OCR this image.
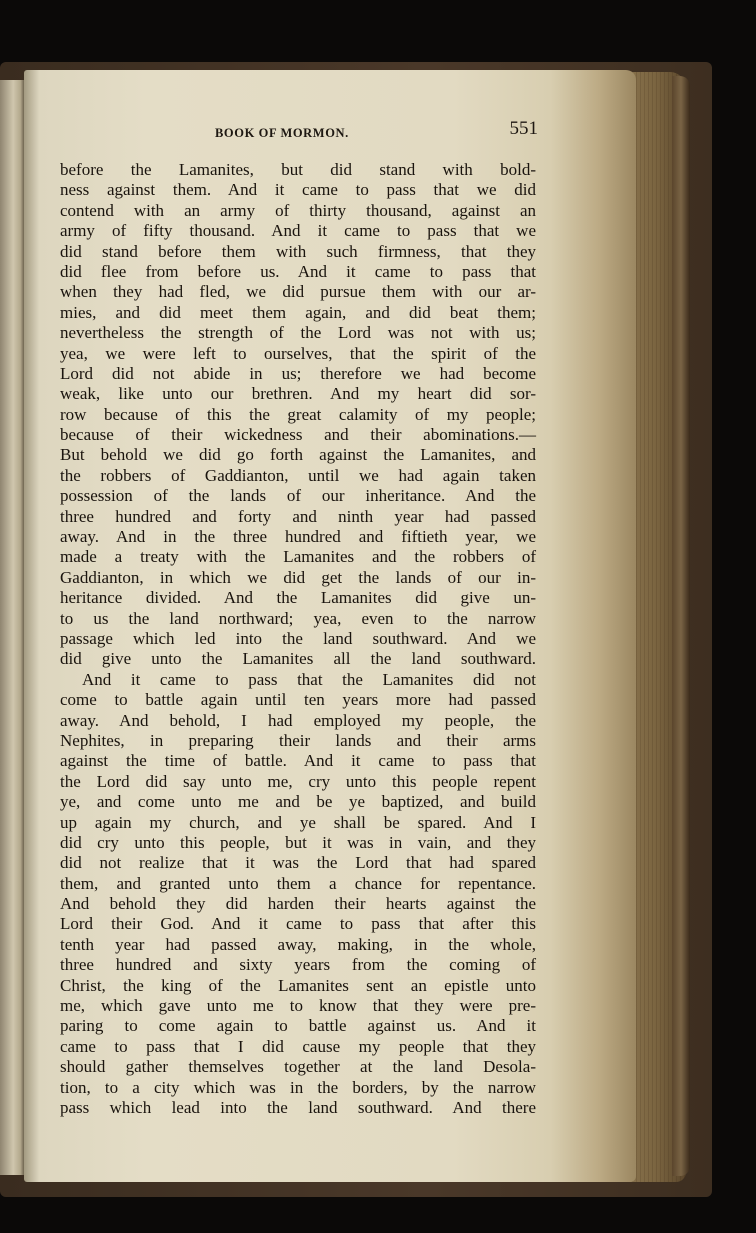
BOOK OF MORMON.	551
before the Lamanites, but did stand with bold-
ness against them. And it came to pass that we did
contend with an army of thirty thousand, against an
army of fifty thousand. And it came to pass that we
did stand before them with such firmness, that they
did flee from before us. And it came to pass that
when they had fled, we did pursue them with our ar-
mies, and did meet them again, and did beat them;
nevertheless the strength of the Lord was not with us;
yea, we were left to ourselves, that the spirit of the
Lord did not abide in us; therefore we had become
weak, like unto our brethren. And my heart did sor-
row because of this the great calamity of my people;
because of their wickedness and their abominations.—
But behold we did go forth against the Lamanites, and
the robbers of Gaddianton, until we had again taken
possession of the lands of our inheritance. And the
three hundred and forty and ninth year had passed
away. And in the three hundred and fiftieth year, we
made a treaty with the Lamanites and the robbers of
Gaddianton, in which we did get the lands of our in-
heritance divided. And the Lamanites did give un-
to us the land northward; yea, even to the narrow
passage which led into the land southward. And we
did give unto the Lamanites all the land southward.
And it came to pass that the Lamanites did not
come to battle again until ten years more had passed
away. And behold, I had employed my people, the
Nephites, in preparing their lands and their arms
against the time of battle. And it came to pass that
the Lord did say unto me, cry unto this people repent
ye, and come unto me and be ye baptized, and build
up again my church, and ye shall be spared. And I
did cry unto this people, but it was in vain, and they
did not realize that it was the Lord that had spared
them, and granted unto them a chance for repentance.
And behold they did harden their hearts against the
Lord their God. And it came to pass that after this
tenth year had passed away, making, in the whole,
three hundred and sixty years from the coming of
Christ, the king of the Lamanites sent an epistle unto
me, which gave unto me to know that they were pre-
paring to come again to battle against us. And it
came to pass that I did cause my people that they
should gather themselves together at the land Desola-
tion, to a city which was in the borders, by the narrow
pass which lead into the land southward. And there
